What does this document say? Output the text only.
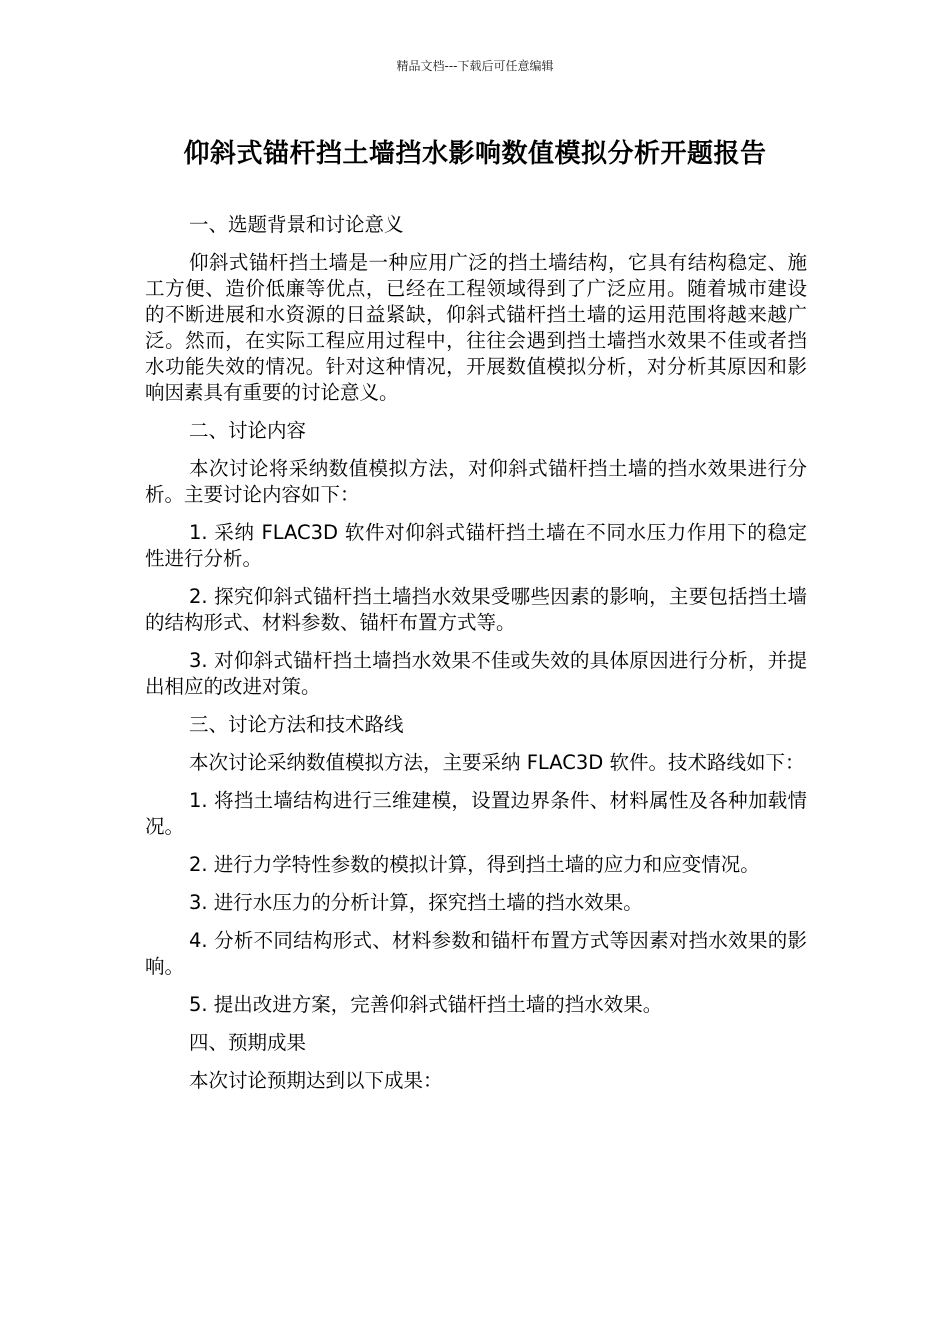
精品文档---下载后可任意编辑
仰斜式锚杆挡土墙挡水影响数值模拟分析开题报告

一、选题背景和讨论意义

仰斜式锚杆挡土墙是一种应用广泛的挡土墙结构，它具有结构稳定、施工方便、造价低廉等优点，已经在工程领域得到了广泛应用。随着城市建设的不断进展和水资源的日益紧缺，仰斜式锚杆挡土墙的运用范围将越来越广泛。然而，在实际工程应用过程中，往往会遇到挡土墙挡水效果不佳或者挡水功能失效的情况。针对这种情况，开展数值模拟分析，对分析其原因和影响因素具有重要的讨论意义。

二、讨论内容

本次讨论将采纳数值模拟方法，对仰斜式锚杆挡土墙的挡水效果进行分析。主要讨论内容如下：

1. 采纳 FLAC3D 软件对仰斜式锚杆挡土墙在不同水压力作用下的稳定性进行分析。

2. 探究仰斜式锚杆挡土墙挡水效果受哪些因素的影响，主要包括挡土墙的结构形式、材料参数、锚杆布置方式等。

3. 对仰斜式锚杆挡土墙挡水效果不佳或失效的具体原因进行分析，并提出相应的改进对策。

三、讨论方法和技术路线

本次讨论采纳数值模拟方法，主要采纳 FLAC3D 软件。技术路线如下：

1. 将挡土墙结构进行三维建模，设置边界条件、材料属性及各种加载情况。

2. 进行力学特性参数的模拟计算，得到挡土墙的应力和应变情况。

3. 进行水压力的分析计算，探究挡土墙的挡水效果。

4. 分析不同结构形式、材料参数和锚杆布置方式等因素对挡水效果的影响。

5. 提出改进方案，完善仰斜式锚杆挡土墙的挡水效果。

四、预期成果

本次讨论预期达到以下成果：
